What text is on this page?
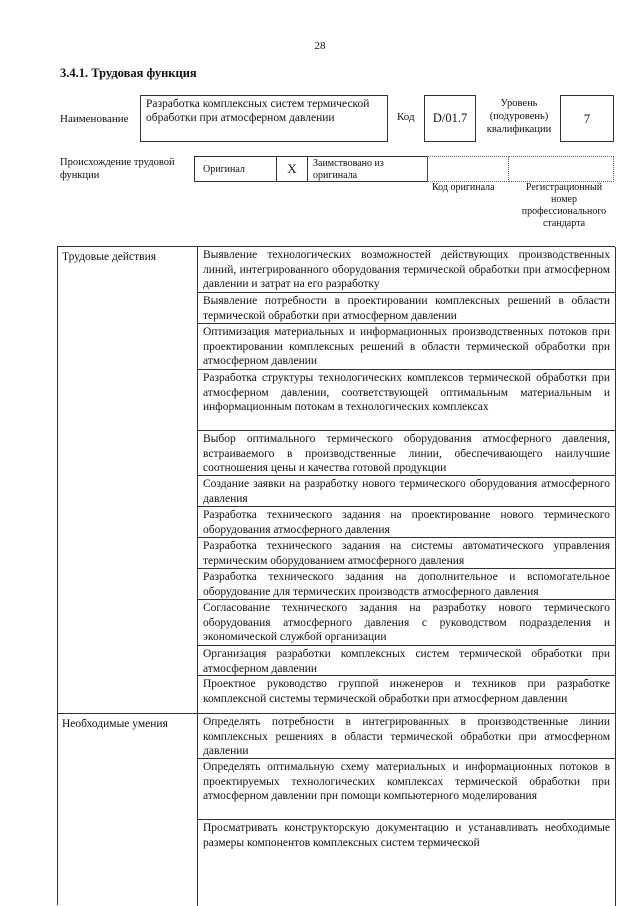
28
3.4.1. Трудовая функция
Наименование
Разработка комплексных систем термической обработки при атмосферном давлении	Код	D/01.7
Уровень (подуровень) квалификации
7
Происхождение трудовой функции
Оригинал	X	Заимствовано из оригинала
Код оригинала	Регистрационный номер профессионального стандарта
Трудовые действия	Выявление технологических возможностей действующих производственных линий, интегрированного оборудования термической обработки при атмосферном давлении и затрат на его разработку
Выявление потребности в проектировании комплексных решений в области термической обработки при атмосферном давлении
Оптимизация материальных и информационных производственных потоков при проектировании комплексных решений в области термической обработки при атмосферном давлении
Разработка структуры технологических комплексов термической обработки при атмосферном давлении, соответствующей оптимальным материальным и информационным потокам в технологических комплексах
Выбор оптимального термического оборудования атмосферного давления, встраиваемого в производственные линии, обеспечивающего наилучшие соотношения цены и качества готовой продукции
Создание заявки на разработку нового термического оборудования атмосферного давления
Разработка технического задания на проектирование нового термического оборудования атмосферного давления
Разработка технического задания на системы автоматического управления термическим оборудованием атмосферного давления
Разработка технического задания на дополнительное и вспомогательное оборудование для термических производств атмосферного давления
Согласование технического задания на разработку нового термического оборудования атмосферного давления с руководством подразделения и экономической службой организации
Организация разработки комплексных систем термической обработки при атмосферном давлении
Проектное руководство группой инженеров и техников при разработке комплексной системы термической обработки при атмосферном давлении
Необходимые умения	Определять потребности в интегрированных в производственные линии комплексных решениях в области термической обработки при атмосферном давлении
Определять оптимальную схему материальных и информационных потоков в проектируемых технологических комплексах термической обработки при атмосферном давлении при помощи компьютерного моделирования
Просматривать конструкторскую документацию и устанавливать необходимые размеры компонентов комплексных систем термической
